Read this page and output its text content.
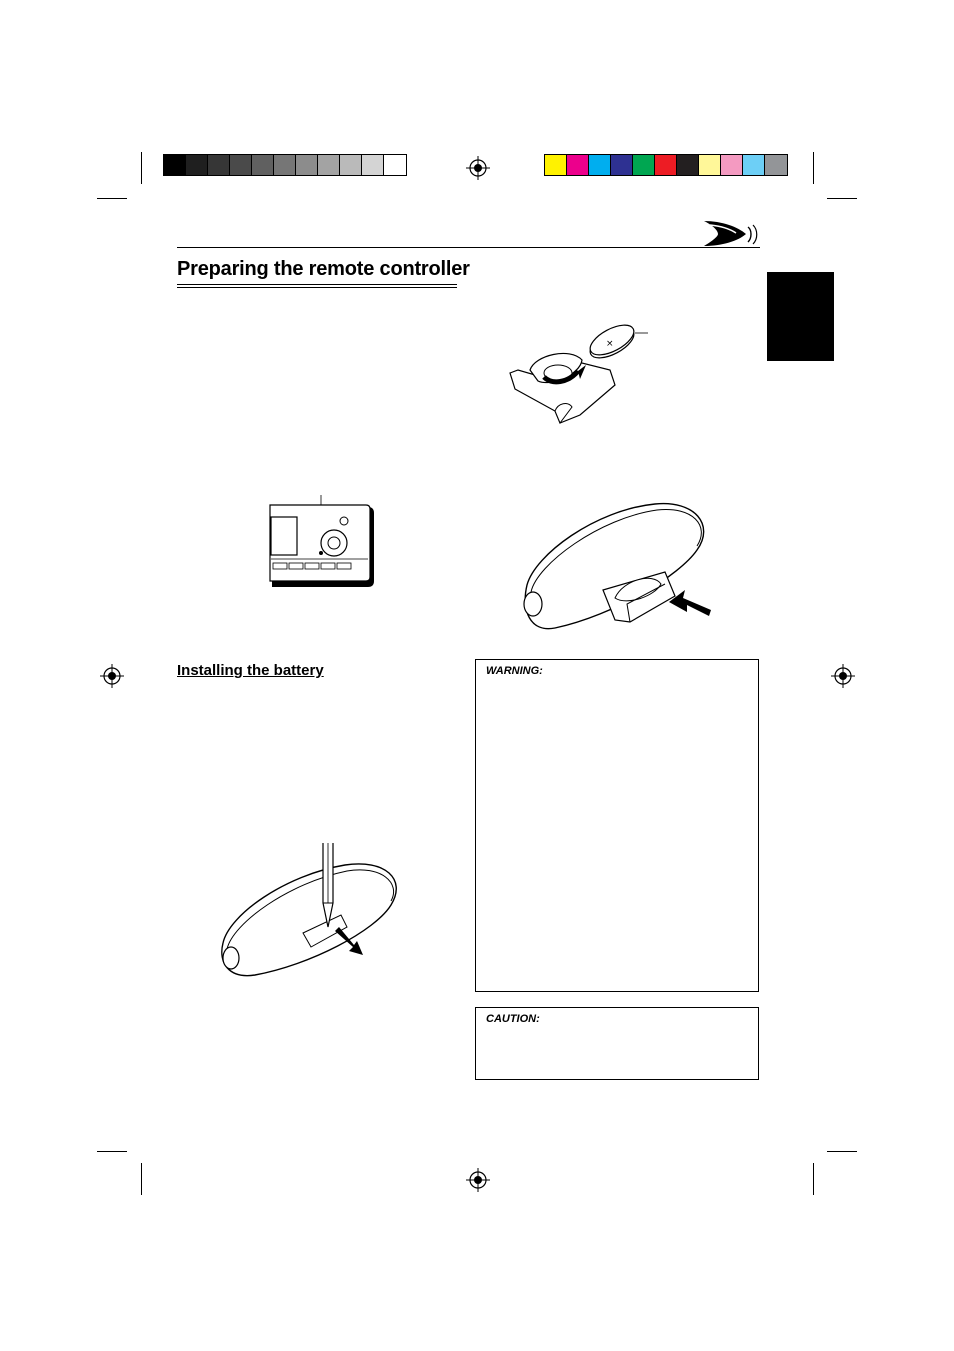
Preparing the remote controller
×
Installing the battery	WARNING:
CAUTION:
